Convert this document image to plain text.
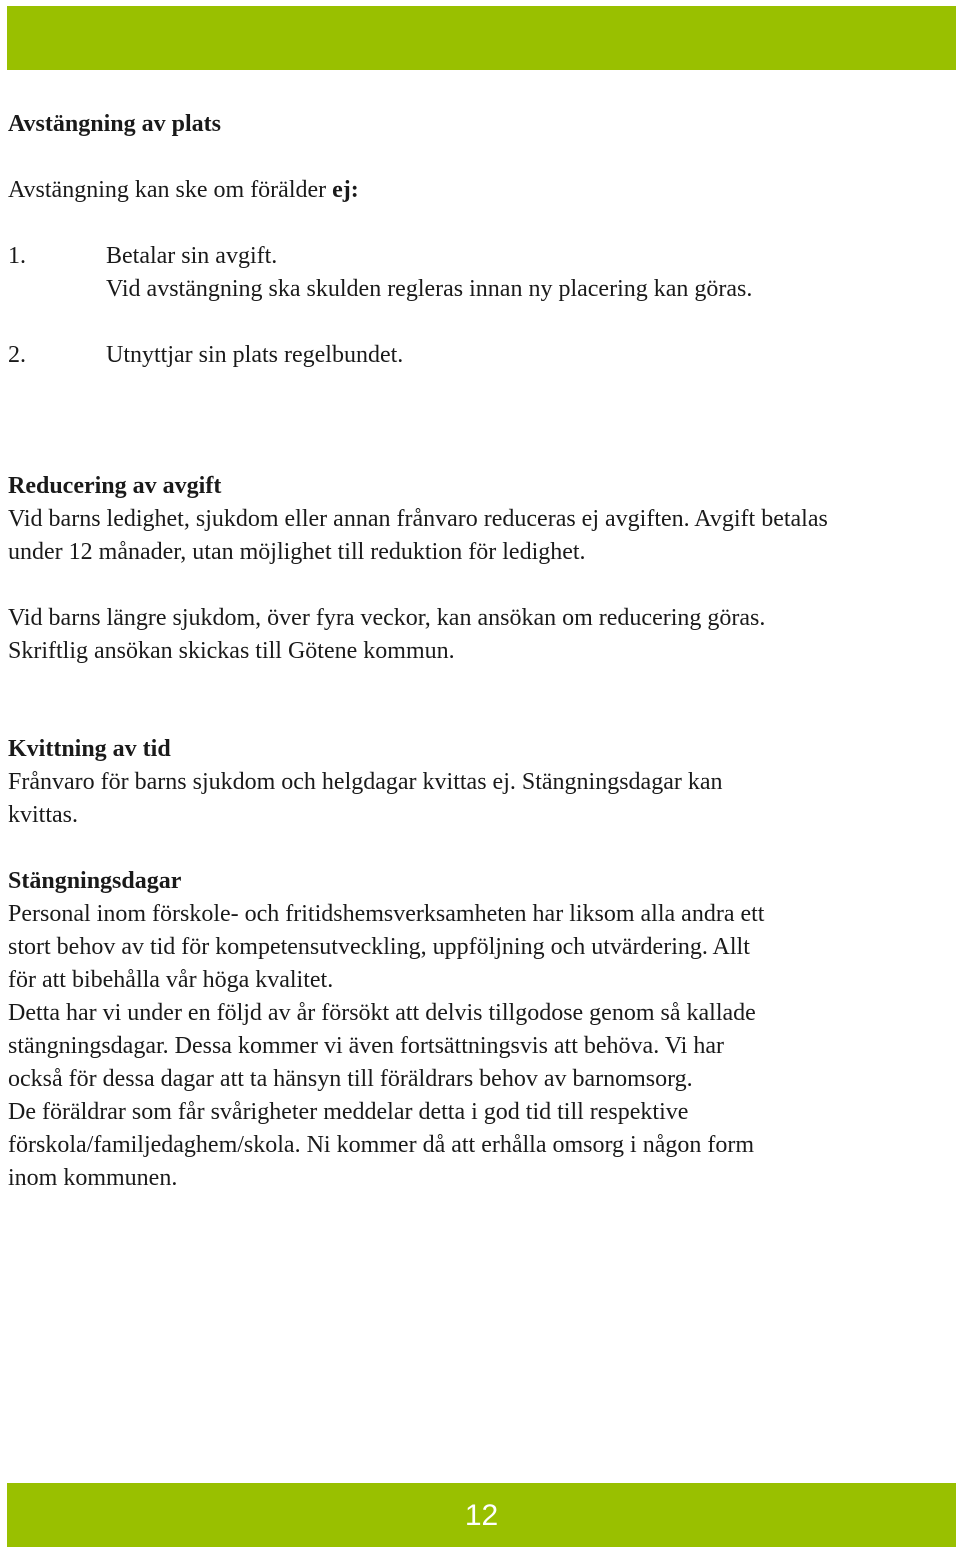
Avstängning av plats
Avstängning kan ske om förälder ej:
1.	Betalar sin avgift.
Vid avstängning ska skulden regleras innan ny placering kan göras.
2.	Utnyttjar sin plats regelbundet.
Reducering av avgift
Vid barns ledighet, sjukdom eller annan frånvaro reduceras ej avgiften. Avgift betalas
under 12 månader, utan möjlighet till reduktion för ledighet.
Vid barns längre sjukdom, över fyra veckor, kan ansökan om reducering göras.
Skriftlig ansökan skickas till Götene kommun.
Kvittning av tid
Frånvaro för barns sjukdom och helgdagar kvittas ej. Stängningsdagar kan
kvittas.
Stängningsdagar
Personal inom förskole- och fritidshemsverksamheten har liksom alla andra ett
stort behov av tid för kompetensutveckling, uppföljning och utvärdering. Allt
för att bibehålla vår höga kvalitet.
Detta har vi under en följd av år försökt att delvis tillgodose genom så kallade
stängningsdagar. Dessa kommer vi även fortsättningsvis att behöva. Vi har
också för dessa dagar att ta hänsyn till föräldrars behov av barnomsorg.
De föräldrar som får svårigheter meddelar detta i god tid till respektive
förskola/familjedaghem/skola. Ni kommer då att erhålla omsorg i någon form
inom kommunen.
12
